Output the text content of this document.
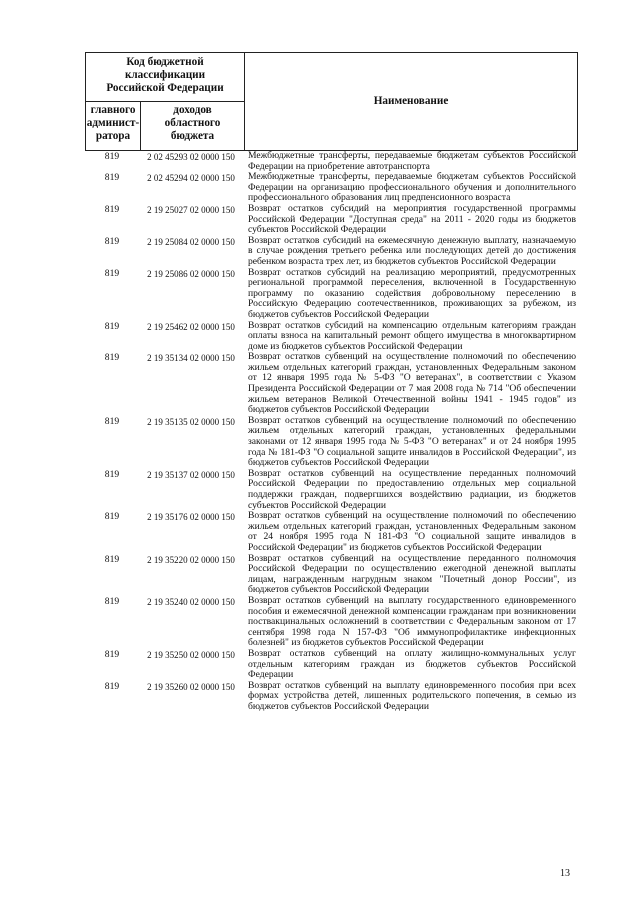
Код бюджетной
классификации
Российской Федерации
главного
админист-
ратора
доходов
областного
бюджета
Наименование
819	2 02 45293 02 0000 150	Межбюджетные трансферты, передаваемые бюджетам субъектов Российской
Федерации на приобретение автотранспорта
819	2 02 45294 02 0000 150	Межбюджетные трансферты, передаваемые бюджетам субъектов Российской
Федерации на организацию профессионального обучения и дополнительного
профессионального образования лиц предпенсионного возраста
819	2 19 25027 02 0000 150	Возврат остатков субсидий на мероприятия государственной программы
Российской Федерации "Доступная среда" на 2011 - 2020 годы из бюджетов
субъектов Российской Федерации
819	2 19 25084 02 0000 150	Возврат остатков субсидий на ежемесячную денежную выплату, назначаемую
в случае рождения третьего ребенка или последующих детей до достижения
ребенком возраста трех лет, из бюджетов субъектов Российской Федерации
819	2 19 25086 02 0000 150	Возврат остатков субсидий на реализацию мероприятий, предусмотренных
региональной программой переселения, включенной в Государственную
программу по оказанию содействия добровольному переселению в
Российскую Федерацию соотечественников, проживающих за рубежом, из
бюджетов субъектов Российской Федерации
819	2 19 25462 02 0000 150	Возврат остатков субсидий на компенсацию отдельным категориям граждан
оплаты взноса на капитальный ремонт общего имущества в многоквартирном
доме из бюджетов субъектов Российской Федерации
819	2 19 35134 02 0000 150	Возврат остатков субвенций на осуществление полномочий по обеспечению
жильем отдельных категорий граждан, установленных Федеральным законом
от 12 января 1995 года № 5-ФЗ "О ветеранах", в соответствии с Указом
Президента Российской Федерации от 7 мая 2008 года № 714 "Об обеспечении
жильем ветеранов Великой Отечественной войны 1941 - 1945 годов" из
бюджетов субъектов Российской Федерации
819	2 19 35135 02 0000 150	Возврат остатков субвенций на осуществление полномочий по обеспечению
жильем отдельных категорий граждан, установленных федеральными
законами от 12 января 1995 года № 5-ФЗ "О ветеранах" и от 24 ноября 1995
года № 181-ФЗ "О социальной защите инвалидов в Российской Федерации", из
бюджетов субъектов Российской Федерации
819	2 19 35137 02 0000 150	Возврат остатков субвенций на осуществление переданных полномочий
Российской Федерации по предоставлению отдельных мер социальной
поддержки граждан, подвергшихся воздействию радиации, из бюджетов
субъектов Российской Федерации
819	2 19 35176 02 0000 150	Возврат остатков субвенций на осуществление полномочий по обеспечению
жильем отдельных категорий граждан, установленных Федеральным законом
от 24 ноября 1995 года N 181-ФЗ "О социальной защите инвалидов в
Российской Федерации" из бюджетов субъектов Российской Федерации
819	2 19 35220 02 0000 150	Возврат остатков субвенций на осуществление переданного полномочия
Российской Федерации по осуществлению ежегодной денежной выплаты
лицам, награжденным нагрудным знаком "Почетный донор России", из
бюджетов субъектов Российской Федерации
819	2 19 35240 02 0000 150	Возврат остатков субвенций на выплату государственного единовременного
пособия и ежемесячной денежной компенсации гражданам при возникновении
поствакцинальных осложнений в соответствии с Федеральным законом от 17
сентября 1998 года N 157-ФЗ "Об иммунопрофилактике инфекционных
болезней" из бюджетов субъектов Российской Федерации
819	2 19 35250 02 0000 150	Возврат остатков субвенций на оплату жилищно-коммунальных услуг
отдельным категориям граждан из бюджетов субъектов Российской
Федерации
819	2 19 35260 02 0000 150	Возврат остатков субвенций на выплату единовременного пособия при всех
формах устройства детей, лишенных родительского попечения, в семью из
бюджетов субъектов Российской Федерации
13
